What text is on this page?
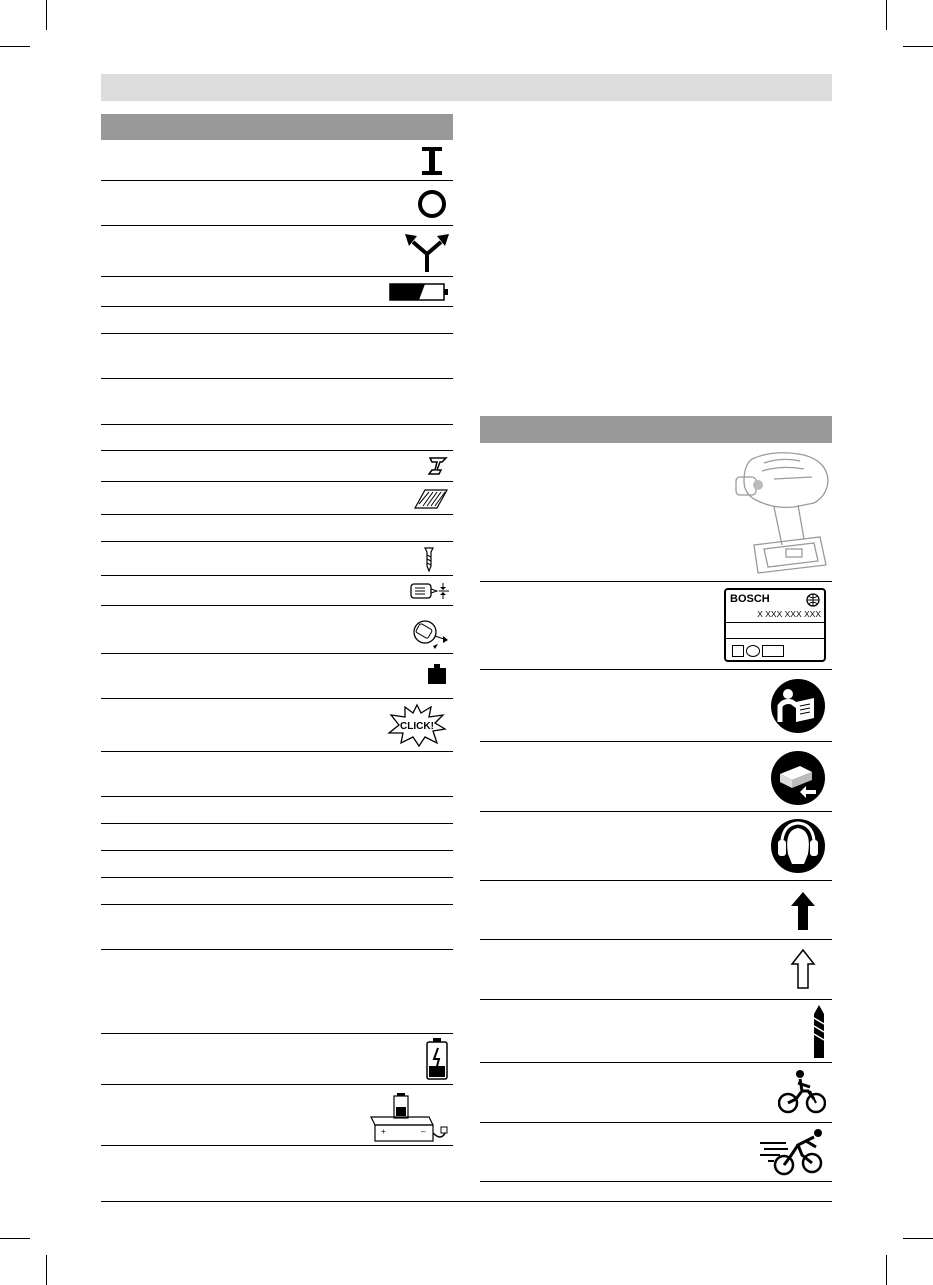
CLICK!
+	–
BOSCH
X XXX XXX XXX
